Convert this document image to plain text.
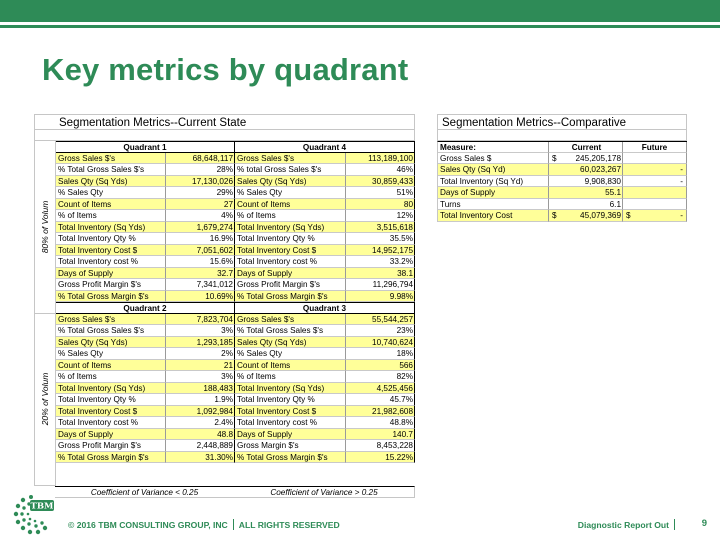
Key metrics by quadrant
Segmentation Metrics--Current State
80% of Volum
20% of Volum
Quadrant 1	Quadrant 4
Gross Sales $'s	68,648,117 Gross Sales $'s	113,189,100
% Total Gross Sales $'s	28% % total Gross Sales $'s	46%
Sales Qty (Sq Yds)	17,130,026 Sales Qty (Sq Yds)	30,859,433
% Sales Qty	29% % Sales Qty	51%
Count of Items	27 Count of Items	80
% of Items	4% % of Items	12%
Total Inventory (Sq Yds)	1,679,274 Total Inventory (Sq Yds)	3,515,618
Total Inventory Qty %	16.9% Total Inventory Qty %	35.5%
Total Inventory Cost $	7,051,602 Total Inventory Cost $	14,952,175
Total Inventory cost %	15.6% Total Inventory cost %	33.2%
Days of Supply	32.7 Days of Supply	38.1
Gross Profit Margin $'s	7,341,012 Gross Profit Margin $'s	11,296,794
% Total Gross Margin $'s	10.69% % Total Gross Margin $'s	9.98%
Quadrant 2	Quadrant 3
Gross Sales $'s	7,823,704 Gross Sales $'s	55,544,257
% Total Gross Sales $'s	3% % Total Gross Sales $'s	23%
Sales Qty (Sq Yds)	1,293,185 Sales Qty (Sq Yds)	10,740,624
% Sales Qty	2% % Sales Qty	18%
Count of Items	21 Count of Items	566
% of Items	3% % of Items	82%
Total Inventory (Sq Yds)	188,483 Total Inventory (Sq Yds)	4,525,456
Total Inventory Qty %	1.9% Total Inventory Qty %	45.7%
Total Inventory Cost $	1,092,984 Total Inventory Cost $	21,982,608
Total Inventory cost %	2.4% Total Inventory cost %	48.8%
Days of Supply	48.8 Days of Supply	140.7
Gross Profit Margin $'s	2,448,889 Gross Margin $'s	8,453,228
% Total Gross Margin $'s	31.30% % Total Gross Margin $'s	15.22%
Coefficient of Variance < 0.25	Coefficient of Variance > 0.25
Segmentation Metrics--Comparative
Measure:	Current	Future
Gross Sales $	$ 245,205,178
Sales Qty (Sq Yd)	60,023,267	-
Total Inventory (Sq Yd)	9,908,830	-
Days of Supply	55.1
Turns	6.1
Total Inventory Cost	$	45,079,369 $	-
TBM
© 2016 TBM CONSULTING GROUP, INC ALL RIGHTS RESERVED	Diagnostic Report Out	9
